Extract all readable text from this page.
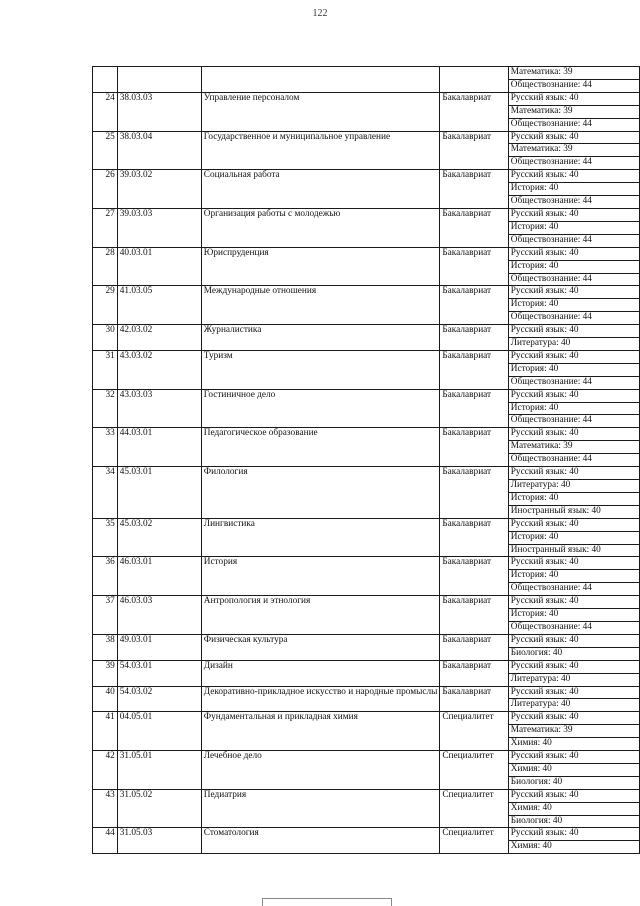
122
				Математика: 39
				Обществознание: 44
24	38.03.03	Управление персоналом	Бакалавриат	Русский язык: 40
				Математика: 39
				Обществознание: 44
25	38.03.04	Государственное и муниципальное управление	Бакалавриат	Русский язык: 40
				Математика: 39
				Обществознание: 44
26	39.03.02	Социальная работа	Бакалавриат	Русский язык: 40
				История: 40
				Обществознание: 44
27	39.03.03	Организация работы с молодежью	Бакалавриат	Русский язык: 40
				История: 40
				Обществознание: 44
28	40.03.01	Юриспруденция	Бакалавриат	Русский язык: 40
				История: 40
				Обществознание: 44
29	41.03.05	Международные отношения	Бакалавриат	Русский язык: 40
				История: 40
				Обществознание: 44
30	42.03.02	Журналистика	Бакалавриат	Русский язык: 40
				Литература: 40
31	43.03.02	Туризм	Бакалавриат	Русский язык: 40
				История: 40
				Обществознание: 44
32	43.03.03	Гостиничное дело	Бакалавриат	Русский язык: 40
				История: 40
				Обществознание: 44
33	44.03.01	Педагогическое образование	Бакалавриат	Русский язык: 40
				Математика: 39
				Обществознание: 44
34	45.03.01	Филология	Бакалавриат	Русский язык: 40
				Литература: 40
				История: 40
				Иностранный язык: 40
35	45.03.02	Лингвистика	Бакалавриат	Русский язык: 40
				История: 40
				Иностранный язык: 40
36	46.03.01	История	Бакалавриат	Русский язык: 40
				История: 40
				Обществознание: 44
37	46.03.03	Антропология и этнология	Бакалавриат	Русский язык: 40
				История: 40
				Обществознание: 44
38	49.03.01	Физическая культура	Бакалавриат	Русский язык: 40
				Биология: 40
39	54.03.01	Дизайн	Бакалавриат	Русский язык: 40
				Литература: 40
40	54.03.02	Декоративно-прикладное искусство и народные промыслы	Бакалавриат	Русский язык: 40
				Литература: 40
41	04.05.01	Фундаментальная и прикладная химия	Специалитет	Русский язык: 40
				Математика: 39
				Химия: 40
42	31.05.01	Лечебное дело	Специалитет	Русский язык: 40
				Химия: 40
				Биология: 40
43	31.05.02	Педиатрия	Специалитет	Русский язык: 40
				Химия: 40
				Биология: 40
44	31.05.03	Стоматология	Специалитет	Русский язык: 40
				Химия: 40
